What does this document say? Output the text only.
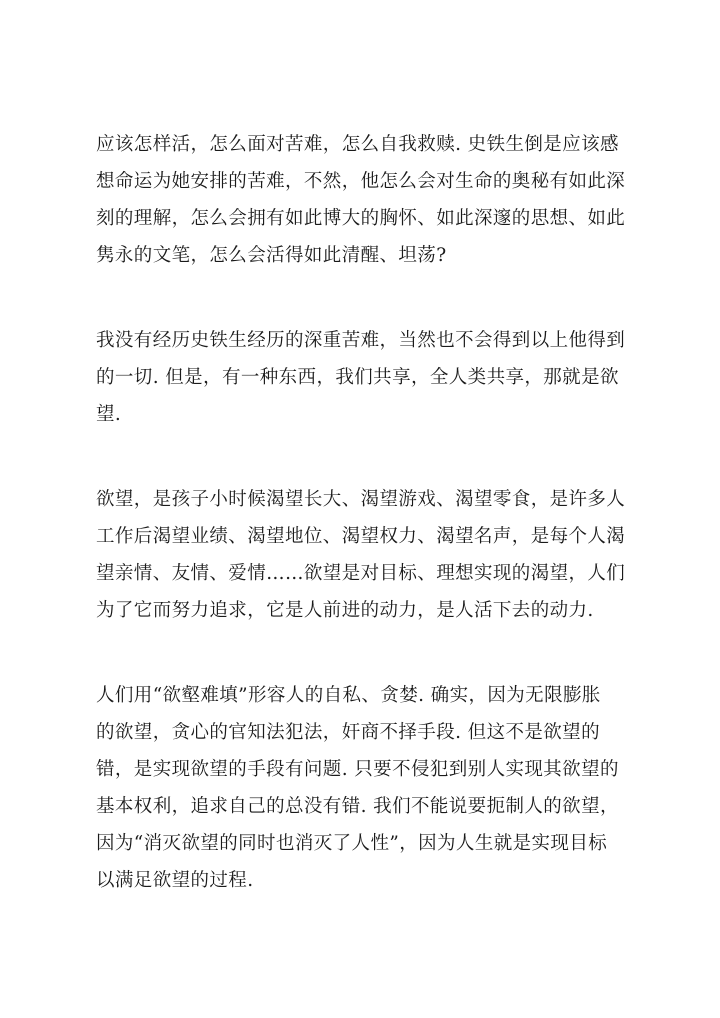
应该怎样活，怎么面对苦难，怎么自我救赎. 史铁生倒是应该感
想命运为她安排的苦难，不然，他怎么会对生命的奥秘有如此深
刻的理解，怎么会拥有如此博大的胸怀、如此深邃的思想、如此
隽永的文笔，怎么会活得如此清醒、坦荡?
我没有经历史铁生经历的深重苦难，当然也不会得到以上他得到
的一切. 但是，有一种东西，我们共享，全人类共享，那就是欲
望.
欲望，是孩子小时候渴望长大、渴望游戏、渴望零食，是许多人
工作后渴望业绩、渴望地位、渴望权力、渴望名声，是每个人渴
望亲情、友情、爱情……欲望是对目标、理想实现的渴望，人们
为了它而努力追求，它是人前进的动力，是人活下去的动力.
人们用“欲壑难填”形容人的自私、贪婪. 确实，因为无限膨胀
的欲望，贪心的官知法犯法，奸商不择手段. 但这不是欲望的
错，是实现欲望的手段有问题. 只要不侵犯到别人实现其欲望的
基本权利，追求自己的总没有错. 我们不能说要扼制人的欲望，
因为“消灭欲望的同时也消灭了人性”，因为人生就是实现目标
以满足欲望的过程.
